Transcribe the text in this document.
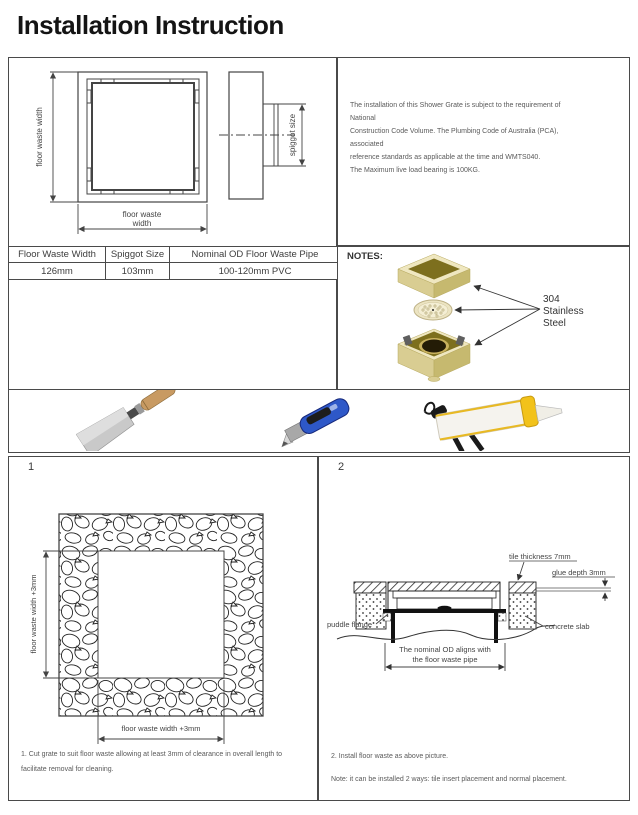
Installation Instruction
floor waste width
floor waste
width
spiggot size
The installation of this Shower Grate is subject to the requirement of National
Construction Code Volume. The Plumbing Code of Australia (PCA), associated
reference standards as applicable at the time and WMTS040.
The Maximum live load bearing is 100KG.
Floor Waste Width	Spiggot Size	Nominal OD Floor Waste Pipe
126mm	103mm	100-120mm PVC
NOTES:
304
Stainless
Steel
1
floor waste width +3mm
floor waste width +3mm
1. Cut grate to suit floor waste allowing at least 3mm of clearance in overall length to
facilitate removal for cleaning.
2
tile thickness 7mm
glue depth 3mm
puddle flange	concrete slab
The nominal OD aligns with
the floor waste pipe
2. Install floor waste as above picture.
Note: it can be installed 2 ways: tile insert placement and normal placement.
